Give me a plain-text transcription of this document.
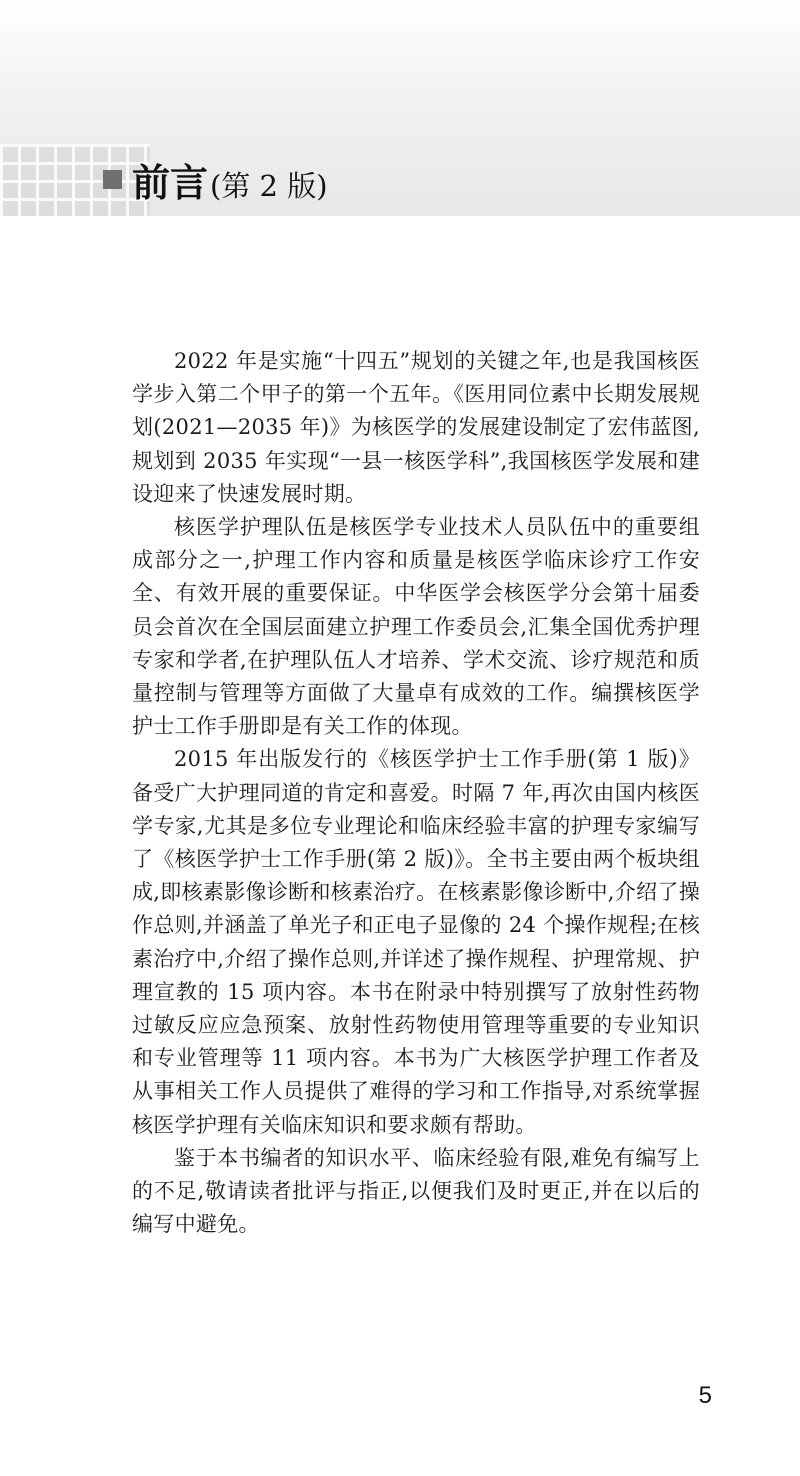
前言 (第 2 版)

2022 年是实施“十四五”规划的关键之年,也是我国核医学步入第二个甲子的第一个五年。《医用同位素中长期发展规划(2021—2035 年)》为核医学的发展建设制定了宏伟蓝图,规划到 2035 年实现“一县一核医学科”,我国核医学发展和建设迎来了快速发展时期。

核医学护理队伍是核医学专业技术人员队伍中的重要组成部分之一,护理工作内容和质量是核医学临床诊疗工作安全、有效开展的重要保证。中华医学会核医学分会第十届委员会首次在全国层面建立护理工作委员会,汇集全国优秀护理专家和学者,在护理队伍人才培养、学术交流、诊疗规范和质量控制与管理等方面做了大量卓有成效的工作。编撰核医学护士工作手册即是有关工作的体现。

2015 年出版发行的《核医学护士工作手册(第 1 版)》备受广大护理同道的肯定和喜爱。时隔 7 年,再次由国内核医学专家,尤其是多位专业理论和临床经验丰富的护理专家编写了《核医学护士工作手册(第 2 版)》。全书主要由两个板块组成,即核素影像诊断和核素治疗。在核素影像诊断中,介绍了操作总则,并涵盖了单光子和正电子显像的 24 个操作规程;在核素治疗中,介绍了操作总则,并详述了操作规程、护理常规、护理宣教的 15 项内容。本书在附录中特别撰写了放射性药物过敏反应应急预案、放射性药物使用管理等重要的专业知识和专业管理等 11 项内容。本书为广大核医学护理工作者及从事相关工作人员提供了难得的学习和工作指导,对系统掌握核医学护理有关临床知识和要求颇有帮助。

鉴于本书编者的知识水平、临床经验有限,难免有编写上的不足,敬请读者批评与指正,以便我们及时更正,并在以后的编写中避免。

5
